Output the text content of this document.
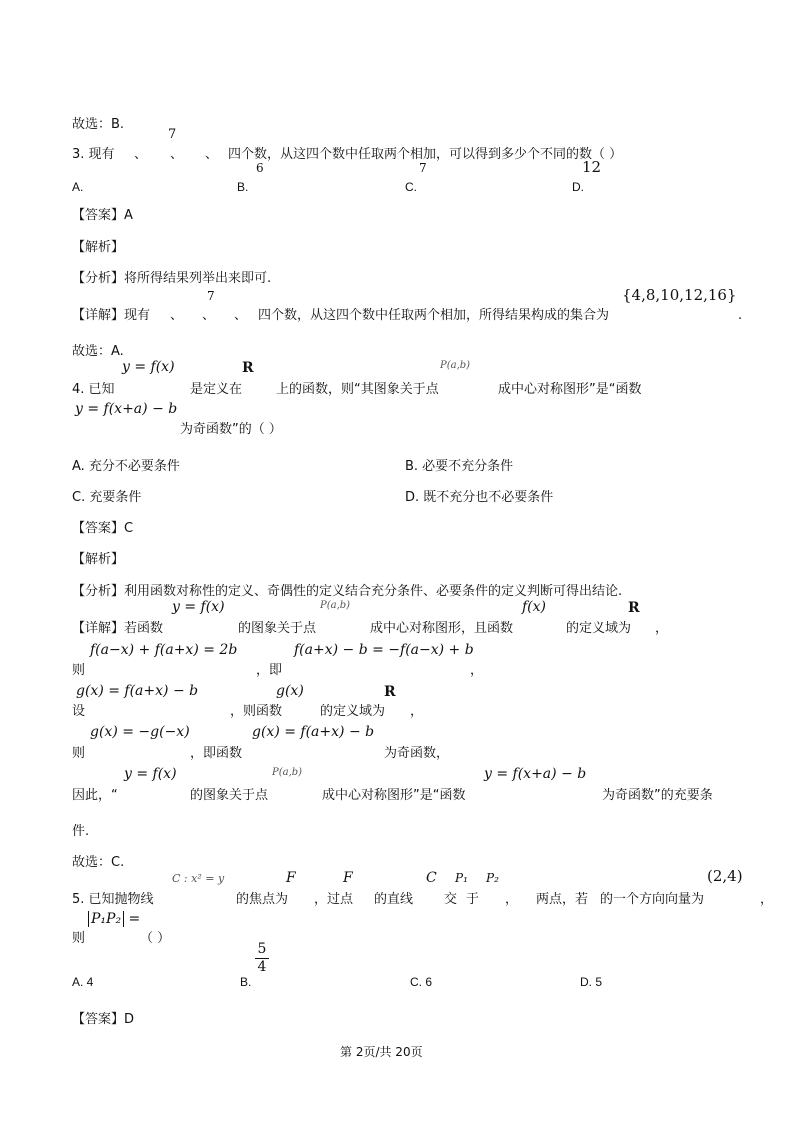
故选：B.
7
3. 现有 、 、 、 四个数，从这四个数中任取两个相加，可以得到多少个不同的数（ ）
A.
6
B.
7
C.
12
D.
【答案】A
【解析】
【分析】将所得结果列举出来即可.
7	{4,8,10,12,16}
【详解】现有 、 、 、 四个数，从这四个数中任取两个相加，所得结果构成的集合为	.
故选：A.
y = f(x)	R	P(a,b)
4. 已知	是定义在	上的函数，则“其图象关于点	成中心对称图形”是“函数
y = f(x+a) − b
为奇函数”的（ ）
A. 充分不必要条件	B. 必要不充分条件
C. 充要条件	D. 既不充分也不必要条件
【答案】C
【解析】
【分析】利用函数对称性的定义、奇偶性的定义结合充分条件、必要条件的定义判断可得出结论.
y = f(x)	P(a,b)	f(x)	R
【详解】若函数	的图象关于点	成中心对称图形，且函数	的定义域为 ，
f(a−x) + f(a+x) = 2b	f(a+x) − b = −f(a−x) + b
则	，即	，
g(x) = f(a+x) − b	g(x)	R
设	，则函数	的定义域为 ，
g(x) = −g(−x)	g(x) = f(a+x) − b
则	，即函数	为奇函数，
y = f(x)	P(a,b)	y = f(x+a) − b
因此，“	的图象关于点	成中心对称图形”是“函数	为奇函数”的充要条
件.
故选：C.
C : x² = y	F	F	C P₁ P₂	(2,4)
5. 已知抛物线	的焦点为 ，过点 的直线 交 于 ， 两点，若 的一个方向向量为	，
P₁P₂ =
则	（ ）
A. 4	B.
5
4
C. 6	D. 5
【答案】D
第 2页/共 20页
